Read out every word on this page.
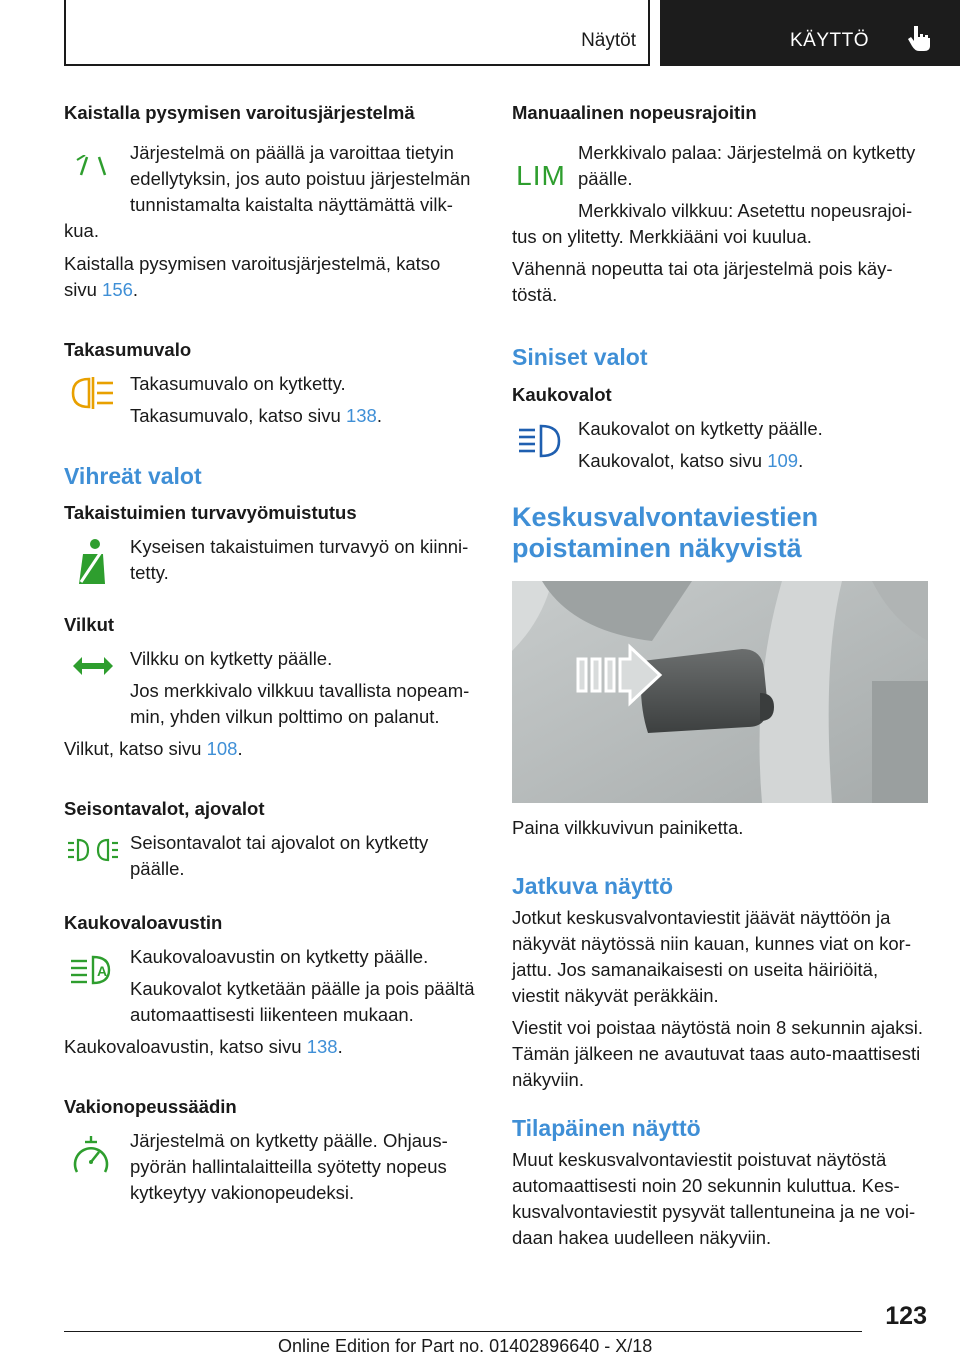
Näytöt	KÄYTTÖ
Kaistalla pysymisen varoitusjärjestelmä
Järjestelmä on päällä ja varoittaa tietyin edellytyksin, jos auto poistuu järjestelmän tunnistamalta kaistalta näyttämättä vilk-
kua.
Kaistalla pysymisen varoitusjärjestelmä, katso
sivu 156.
Takasumuvalo
Takasumuvalo on kytketty.
Takasumuvalo, katso sivu 138.
Vihreät valot
Takaistuimien turvavyömuistutus
Kyseisen takaistuimen turvavyö on kiinni-tetty.
Vilkut
Vilkku on kytketty päälle.
Jos merkkivalo vilkkuu tavallista nopeam-min, yhden vilkun polttimo on palanut.
Vilkut, katso sivu 108.
Seisontavalot, ajovalot
Seisontavalot tai ajovalot on kytketty päälle.
Kaukovaloavustin
A
Kaukovaloavustin on kytketty päälle.
Kaukovalot kytketään päälle ja pois päältä automaattisesti liikenteen mukaan.
Kaukovaloavustin, katso sivu 138.
Vakionopeussäädin
Järjestelmä on kytketty päälle. Ohjaus-pyörän hallintalaitteilla syötetty nopeus kytkeytyy vakionopeudeksi.
Manuaalinen nopeusrajoitin
LIM
Merkkivalo palaa: Järjestelmä on kytketty päälle.
Merkkivalo vilkkuu: Asetettu nopeusrajoi-
tus on ylitetty. Merkkiääni voi kuulua.
Vähennä nopeutta tai ota järjestelmä pois käy-töstä.
Siniset valot
Kaukovalot
Kaukovalot on kytketty päälle.
Kaukovalot, katso sivu 109.
Keskusvalvontaviestien
poistaminen näkyvistä
Paina vilkkuvivun painiketta.
Jatkuva näyttö
Jotkut keskusvalvontaviestit jäävät näyttöön ja näkyvät näytössä niin kauan, kunnes viat on kor-jattu. Jos samanaikaisesti on useita häiriöitä, viestit näkyvät peräkkäin.
Viestit voi poistaa näytöstä noin 8 sekunnin ajaksi. Tämän jälkeen ne avautuvat taas auto-maattisesti näkyviin.
Tilapäinen näyttö
Muut keskusvalvontaviestit poistuvat näytöstä automaattisesti noin 20 sekunnin kuluttua. Kes-kusvalvontaviestit pysyvät tallentuneina ja ne voi-daan hakea uudelleen näkyviin.
123
Online Edition for Part no. 01402896640 - X/18
